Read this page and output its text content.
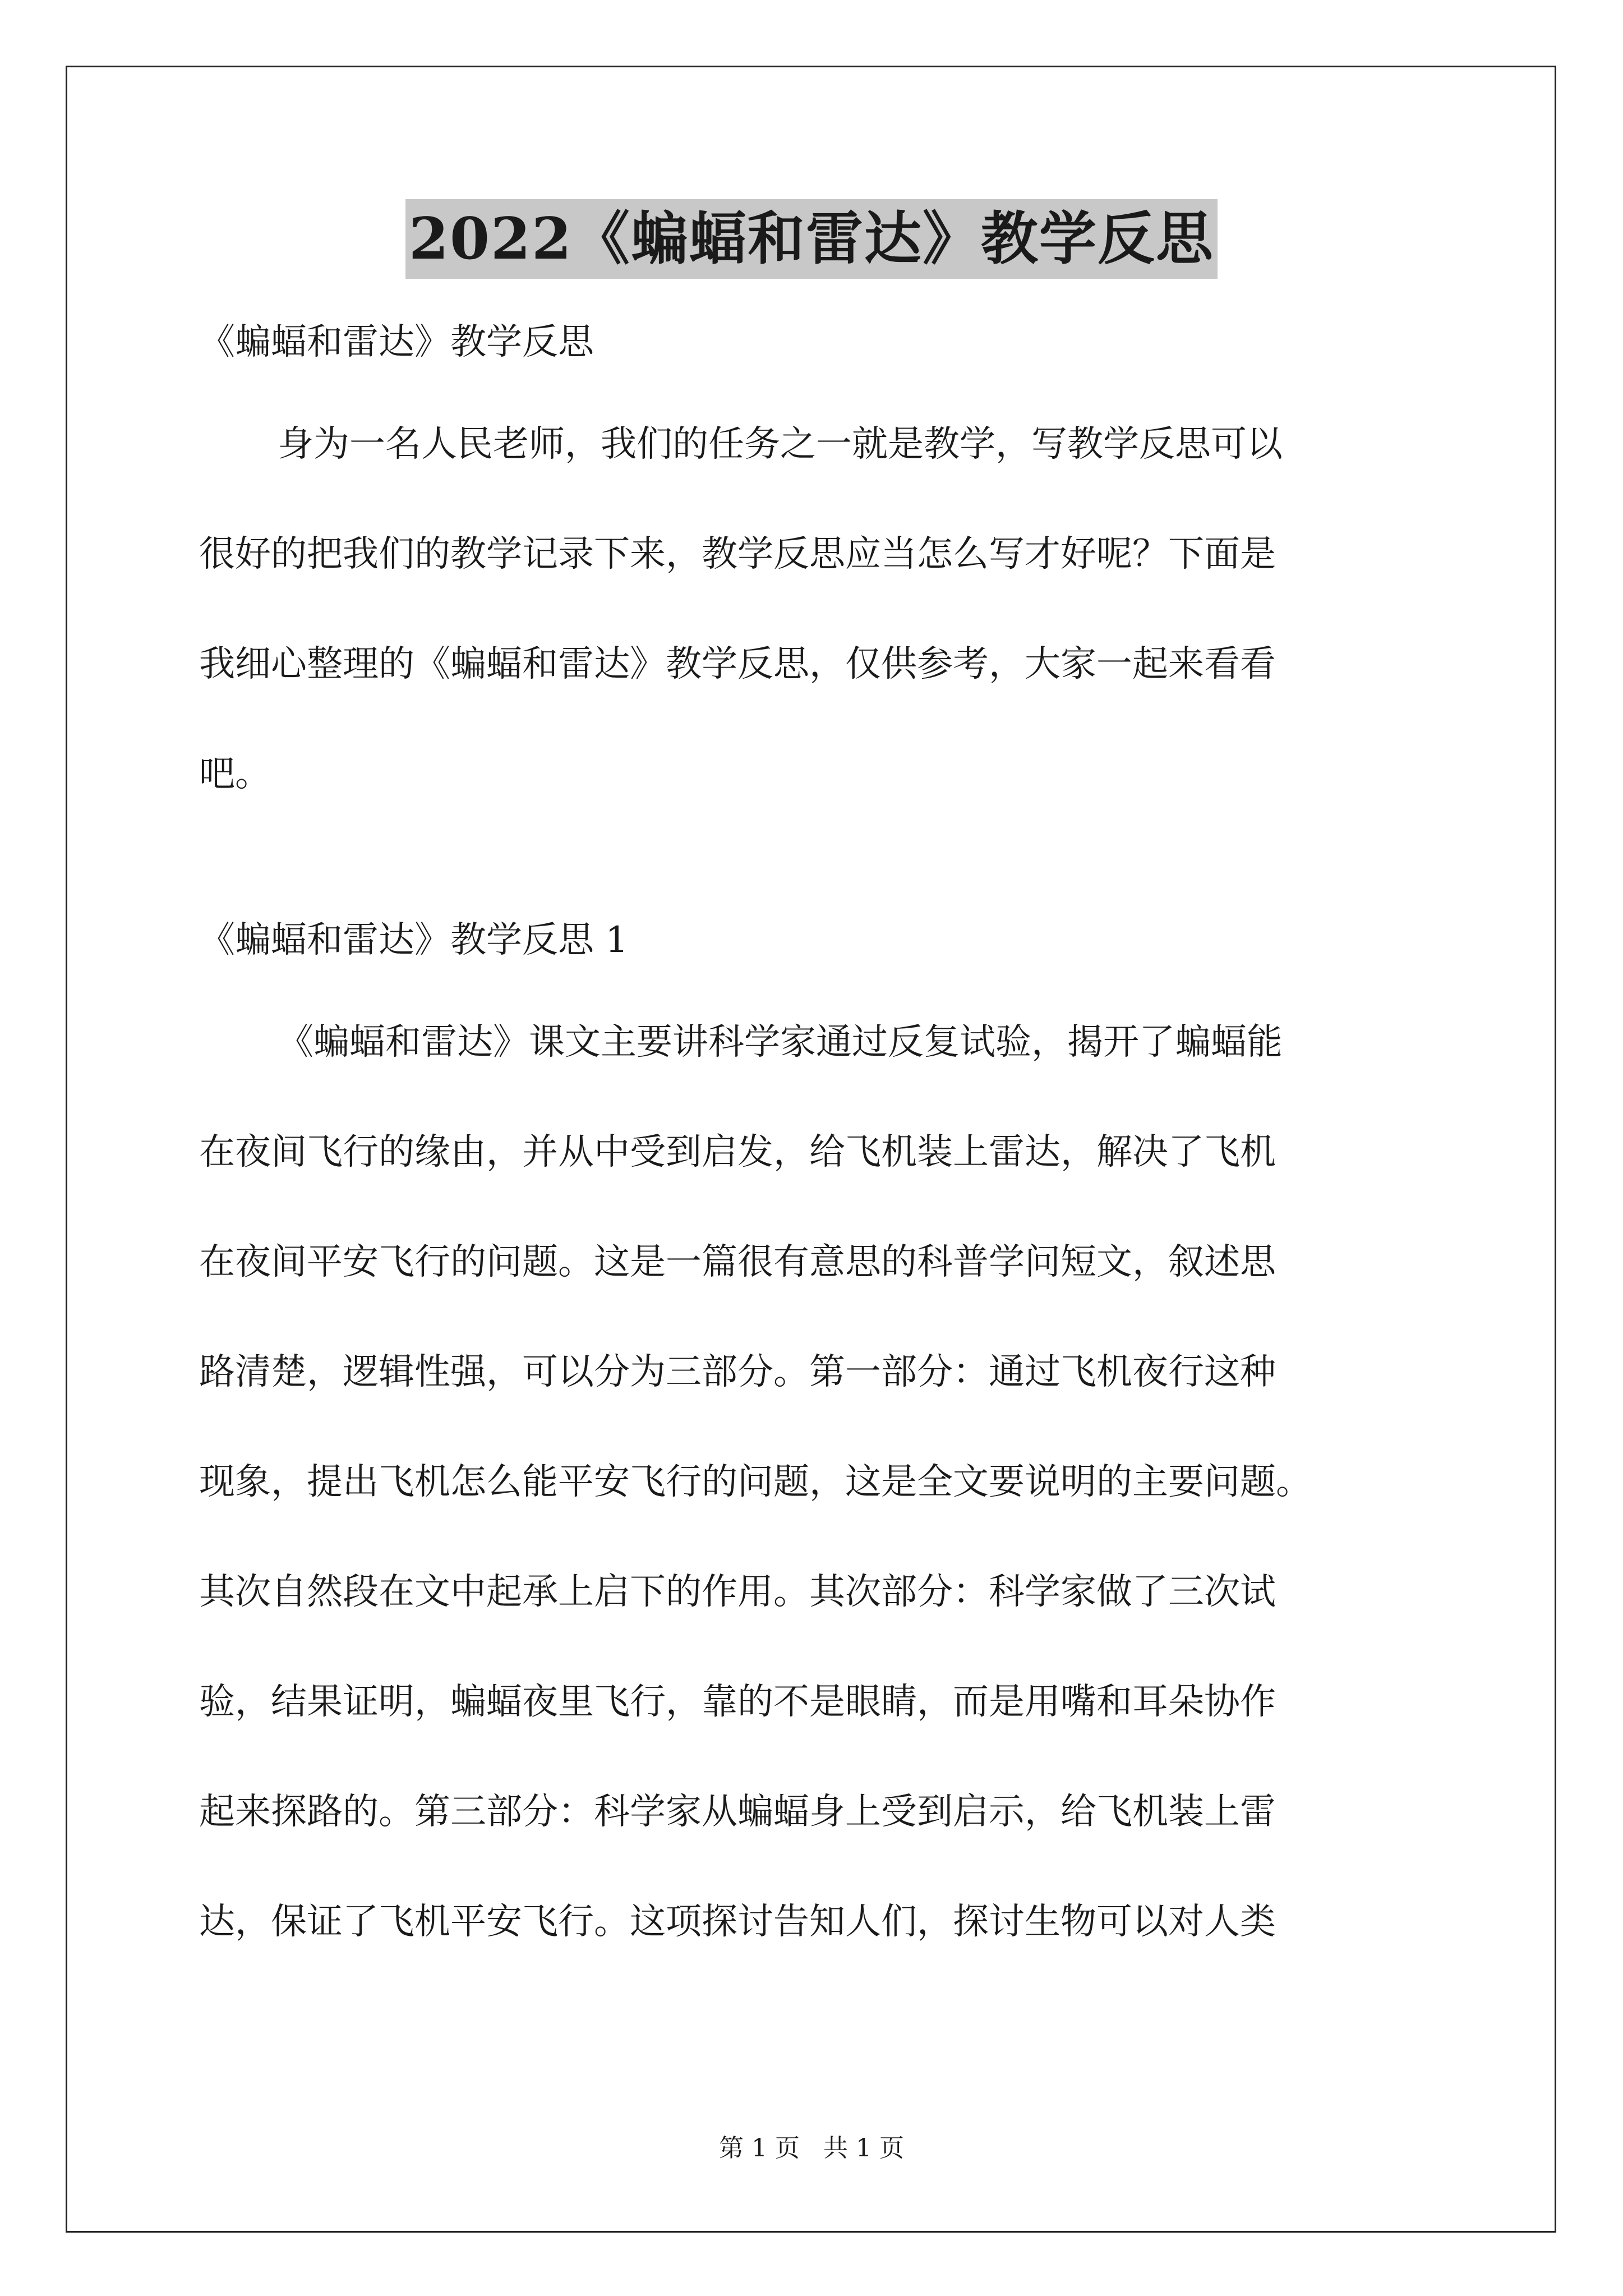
2022《蝙蝠和雷达》教学反思
《蝙蝠和雷达》教学反思
身为一名人民老师，我们的任务之一就是教学，写教学反思可以
很好的把我们的教学记录下来，教学反思应当怎么写才好呢？下面是
我细心整理的《蝙蝠和雷达》教学反思，仅供参考，大家一起来看看
吧。
《蝙蝠和雷达》教学反思 1
《蝙蝠和雷达》课文主要讲科学家通过反复试验，揭开了蝙蝠能
在夜间飞行的缘由，并从中受到启发，给飞机装上雷达，解决了飞机
在夜间平安飞行的问题。这是一篇很有意思的科普学问短文，叙述思
路清楚，逻辑性强，可以分为三部分。第一部分：通过飞机夜行这种
现象，提出飞机怎么能平安飞行的问题，这是全文要说明的主要问题。
其次自然段在文中起承上启下的作用。其次部分：科学家做了三次试
验，结果证明，蝙蝠夜里飞行，靠的不是眼睛，而是用嘴和耳朵协作
起来探路的。第三部分：科学家从蝙蝠身上受到启示，给飞机装上雷
达，保证了飞机平安飞行。这项探讨告知人们，探讨生物可以对人类
第 1 页   共 1 页
